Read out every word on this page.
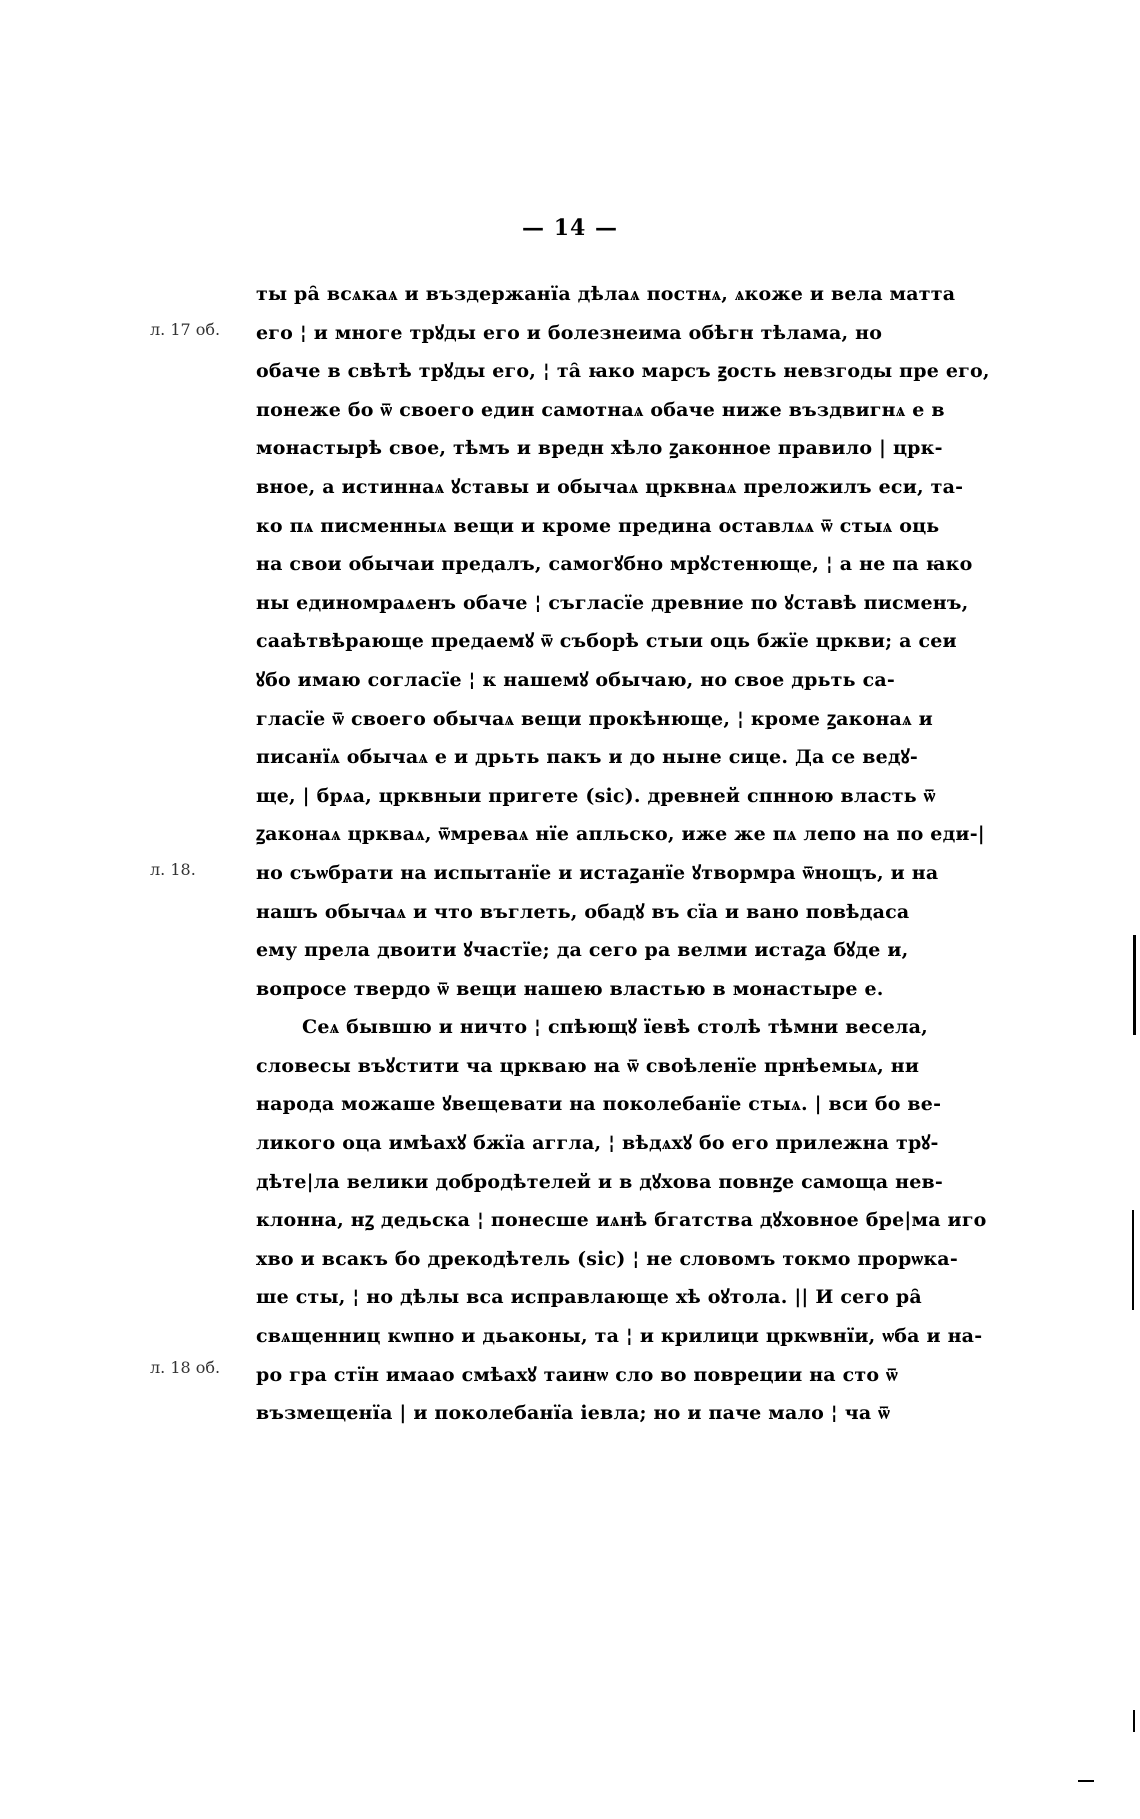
— 14 —
л. 17 об.
л. 18.
л. 18 об.
ты ра̑ всѧкаѧ и въздержанїа дѣлаѧ постнѧ, ѧкоже и вела матта
его ¦ и многе трꙋды его и болезнеима обѣгн тѣлама, но
обаче в свѣтѣ трꙋды его, ¦ та̑ ꙗко марсъ ꙃость невзгоды пре его,
понеже бо ѿ своего един самотнаѧ обаче ниже въздвигнѧ е в
монастырѣ свое, тѣмъ и вредн хѣло ꙁаконное правило | црк-
вное, а истиннаѧ ꙋставы и обычаѧ црквнаѧ преложилъ еси, та-
ко пѧ писменныѧ вещи и кроме предина оставлѧѧ ѿ стыѧ оць
на свои обычаи предалъ, самогꙋбно мрꙋстенюще, ¦ а не па ꙗко
ны единомраѧенъ обаче ¦ съгласїе древние по ꙋставѣ писменъ,
сааѣтвѣрающе предаемꙋ ѿ съборѣ стыи оць бжїе цркви; а сеи
ꙋбо имаю согласїе ¦ к нашемꙋ обычаю, но свое дрьть са-
гласїе ѿ своего обычаѧ вещи прокѣнюще, ¦ кроме ꙁаконаѧ и
писанїѧ обычаѧ е и дрьть пакъ и до ныне сице. Да се ведꙋ-
ще, | брѧа, црквныи пригете (sic). древней спнною власть ѿ
ꙁаконаѧ цркваѧ, ѿмреваѧ нїе апльско, иже же пѧ лепо на по еди-|
но съѡбрати на испытанїе и истаꙁанїе ꙋтвормра ѿнощъ, и на
нашъ обычаѧ и что въглеть, обадꙋ въ сїа и вано повѣдаса
ему прела двоити ꙋчастїе; да сего ра велми истаꙁа бꙋде и,
вопросе твердо ѿ вещи нашею властью в монастыре е.
Сеѧ бывшю и ничто ¦ спѣющꙋ їевѣ столѣ тѣмни весела,
словесы въꙋстити ча цркваю на ѿ своѣленїе прнѣемыѧ, ни
народа можаше ꙋвещевати на поколебанїе стыѧ. | вси бо ве-
ликого оца имѣахꙋ бжїа аггла, ¦ вѣдѧхꙋ бо его прилежна трꙋ-
дѣте|ла велики добродѣтелей и в дꙋхова повнꙁе самоща нев-
клонна, нꙁ дедьска ¦ понесше иѧнѣ бгатства дꙋховное бре|ма иго
хво и всакъ бо дрекодѣтель (sic) ¦ не словомъ токмо прорѡка-
ше сты, ¦ но дѣлы вса исправлающе хѣ оꙋтола. || И сего ра̑
свѧщенниц кѡпно и дьаконы, та ¦ и крилици цркѡвнїи, ѡба и на-
ро гра стїн имаао смѣахꙋ таинѡ сло во повреции на сто ѿ
възмещенїа | и поколебанїа іевла; но и паче мало ¦ ча ѿ
